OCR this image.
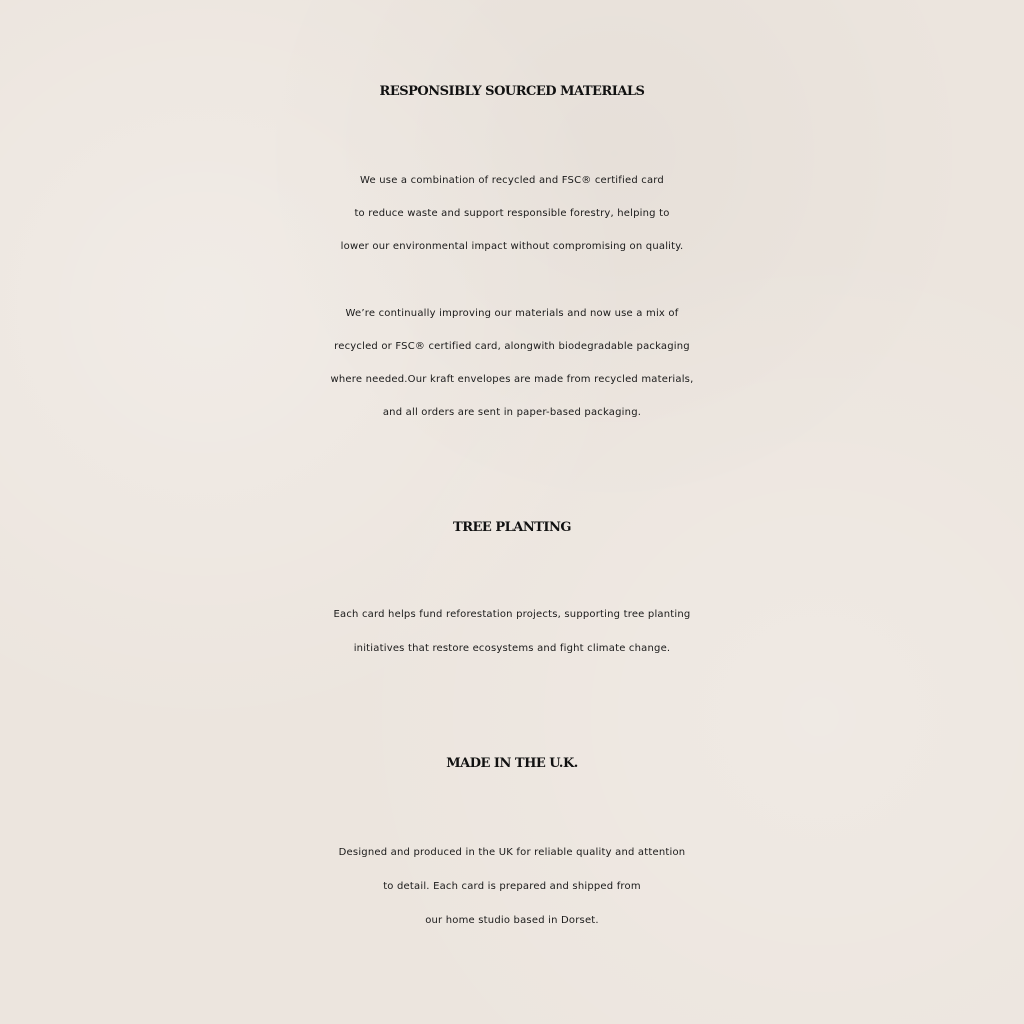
RESPONSIBLY SOURCED MATERIALS

We use a combination of recycled and FSC® certified card

to reduce waste and support responsible forestry, helping to

lower our environmental impact without compromising on quality.

We’re continually improving our materials and now use a mix of

recycled or FSC® certified card, alongwith biodegradable packaging

where needed.Our kraft envelopes are made from recycled materials,

and all orders are sent in paper-based packaging.

TREE PLANTING

Each card helps fund reforestation projects, supporting tree planting

initiatives that restore ecosystems and fight climate change.

MADE IN THE U.K.

Designed and produced in the UK for reliable quality and attention

to detail. Each card is prepared and shipped from

our home studio based in Dorset.
